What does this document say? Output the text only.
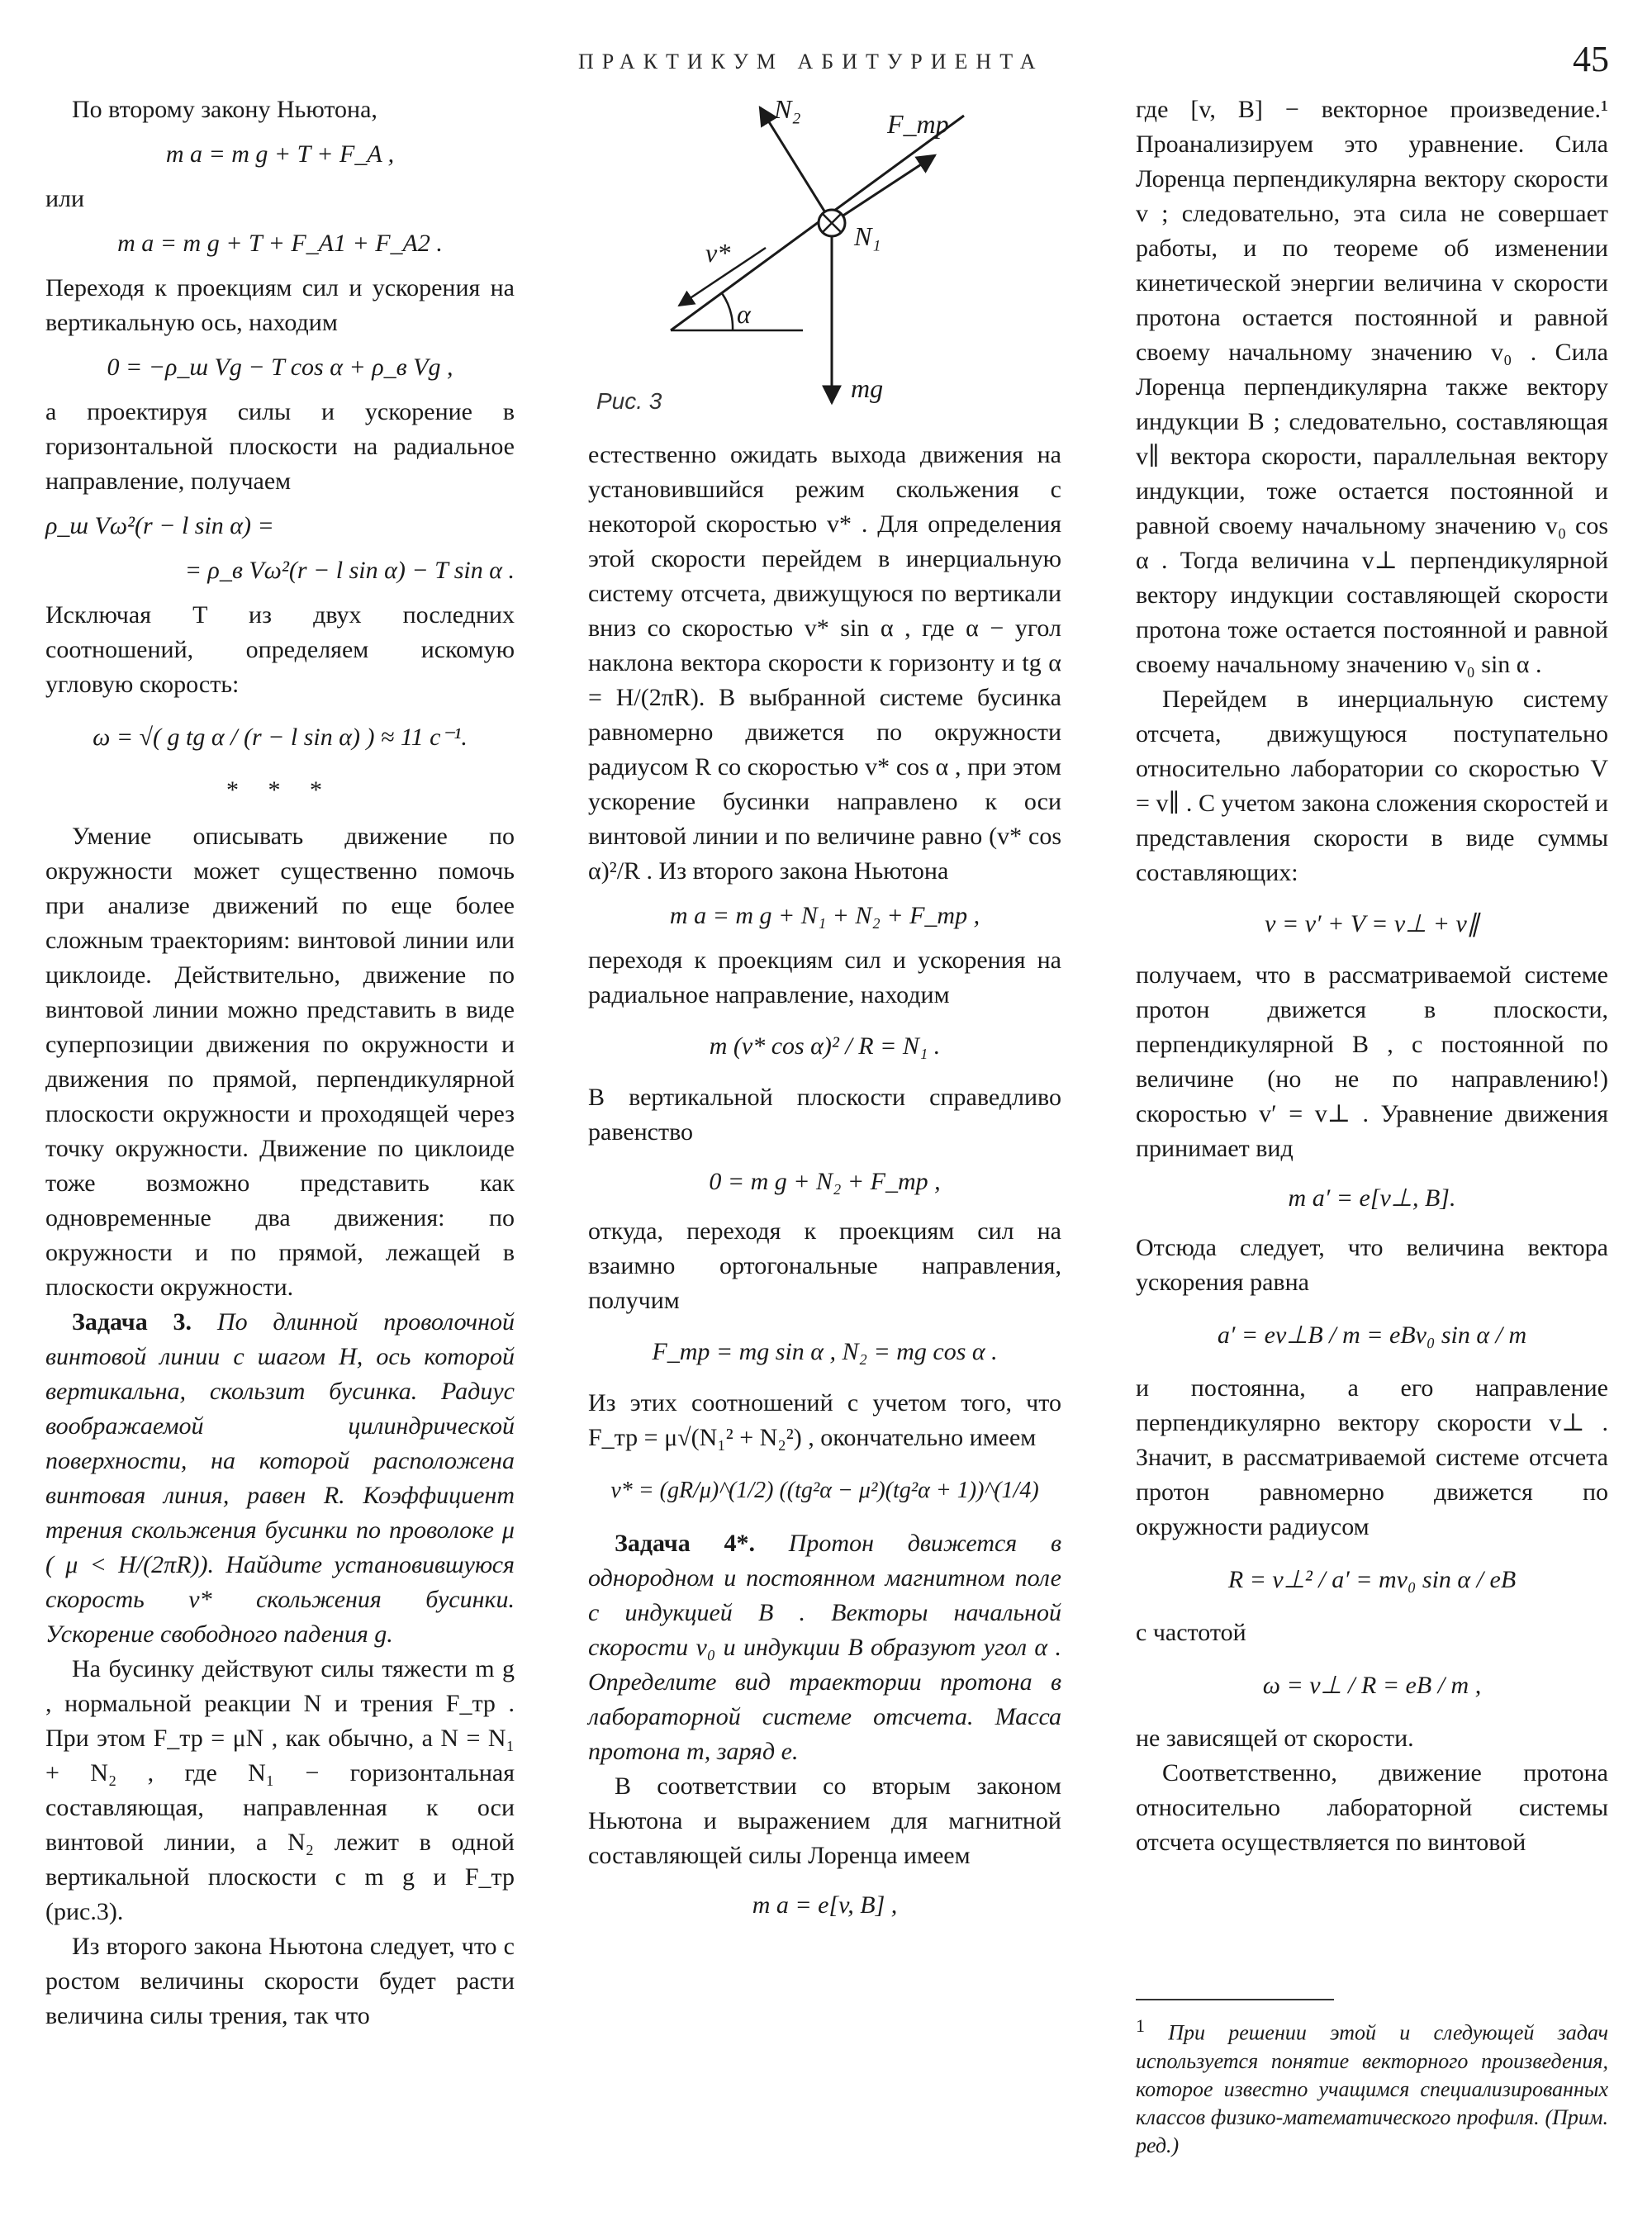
ПРАКТИКУМ АБИТУРИЕНТА	45

По второму закону Ньютона,

m a = m g + T + F_A ,

или

m a = m g + T + F_A1 + F_A2 .

Переходя к проекциям сил и ускорения на вертикальную ось, находим

0 = −ρ_ш Vg − T cos α + ρ_в Vg ,

а проектируя силы и ускорение в горизонтальной плоскости на радиальное направление, получаем

ρ_ш Vω²(r − l sin α) =
= ρ_в Vω²(r − l sin α) − T sin α .

Исключая T из двух последних соотношений, определяем искомую угловую скорость:

ω = √( g tg α / (r − l sin α) ) ≈ 11 с⁻¹.
* * *

Умение описывать движение по окружности может существенно помочь при анализе движений по еще более сложным траекториям: винтовой линии или циклоиде. Действительно, движение по винтовой линии можно представить в виде суперпозиции движения по окружности и движения по прямой, перпендикулярной плоскости окружности и проходящей через точку окружности. Движение по циклоиде тоже возможно представить как одновременные два движения: по окружности и по прямой, лежащей в плоскости окружности.

Задача 3. По длинной проволочной винтовой линии с шагом H, ось которой вертикальна, скользит бусинка. Радиус воображаемой цилиндрической поверхности, на которой расположена винтовая линия, равен R. Коэффициент трения скольжения бусинки по проволоке μ ( μ < H/(2πR)). Найдите установившуюся скорость v* скольжения бусинки. Ускорение свободного падения g.

На бусинку действуют силы тяжести m g , нормальной реакции N и трения F_тр . При этом F_тр = μN , как обычно, а N = N₁ + N₂ , где N₁ − горизонтальная составляющая, направленная к оси винтовой линии, а N₂ лежит в одной вертикальной плоскости с m g и F_тр (рис.3).

Из второго закона Ньютона следует, что с ростом величины скорости будет расти величина силы трения, так что

N₂	F_тр
N₁
v*
α
mg
Рис. 3

естественно ожидать выхода движения на установившийся режим скольжения с некоторой скоростью v* . Для определения этой скорости перейдем в инерциальную систему отсчета, движущуюся по вертикали вниз со скоростью v* sin α , где α − угол наклона вектора скорости к горизонту и tg α = H/(2πR). В выбранной системе бусинка равномерно движется по окружности радиусом R со скоростью v* cos α , при этом ускорение бусинки направлено к оси винтовой линии и по величине равно (v* cos α)²/R . Из второго закона Ньютона

m a = m g + N₁ + N₂ + F_тр ,

переходя к проекциям сил и ускорения на радиальное направление, находим

m (v* cos α)² / R = N₁ .

В вертикальной плоскости справедливо равенство

0 = m g + N₂ + F_тр ,

откуда, переходя к проекциям сил на взаимно ортогональные направления, получим

F_тр = mg sin α , N₂ = mg cos α .

Из этих соотношений с учетом того, что F_тр = μ√(N₁² + N₂²) , окончательно имеем

v* = (gR/μ)^(1/2) ((tg²α − μ²)(tg²α + 1))^(1/4)

Задача 4*. Протон движется в однородном и постоянном магнитном поле с индукцией B . Векторы начальной скорости v₀ и индукции B образуют угол α . Определите вид траектории протона в лабораторной системе отсчета. Масса протона m, заряд e.

В соответствии со вторым законом Ньютона и выражением для магнитной составляющей силы Лоренца имеем

m a = e[v, B] ,

где [v, B] − векторное произведение.¹ Проанализируем это уравнение. Сила Лоренца перпендикулярна вектору скорости v ; следовательно, эта сила не совершает работы, и по теореме об изменении кинетической энергии величина v скорости протона остается постоянной и равной своему начальному значению v₀ . Сила Лоренца перпендикулярна также вектору индукции B ; следовательно, составляющая v∥ вектора скорости, параллельная вектору индукции, тоже остается постоянной и равной своему начальному значению v₀ cos α . Тогда величина v⊥ перпендикулярной вектору индукции составляющей скорости протона тоже остается постоянной и равной своему начальному значению v₀ sin α .

Перейдем в инерциальную систему отсчета, движущуюся поступательно относительно лаборатории со скоростью V = v∥ . С учетом закона сложения скоростей и представления скорости в виде суммы составляющих:

v = v′ + V = v⊥ + v∥

получаем, что в рассматриваемой системе протон движется в плоскости, перпендикулярной B , с постоянной по величине (но не по направлению!) скоростью v′ = v⊥ . Уравнение движения принимает вид

m a′ = e[v⊥, B].

Отсюда следует, что величина вектора ускорения равна

a′ = ev⊥B / m = eBv₀ sin α / m

и постоянна, а его направление перпендикулярно вектору скорости v⊥ . Значит, в рассматриваемой системе отсчета протон равномерно движется по окружности радиусом

R = v⊥² / a′ = mv₀ sin α / eB

с частотой

ω = v⊥ / R = eB / m ,

не зависящей от скорости.

Соответственно, движение протона относительно лабораторной системы отсчета осуществляется по винтовой

$^1$ При решении этой и следующей задач используется понятие векторного произведения, которое известно учащимся специализированных классов физико-математического профиля. (Прим. ред.)
